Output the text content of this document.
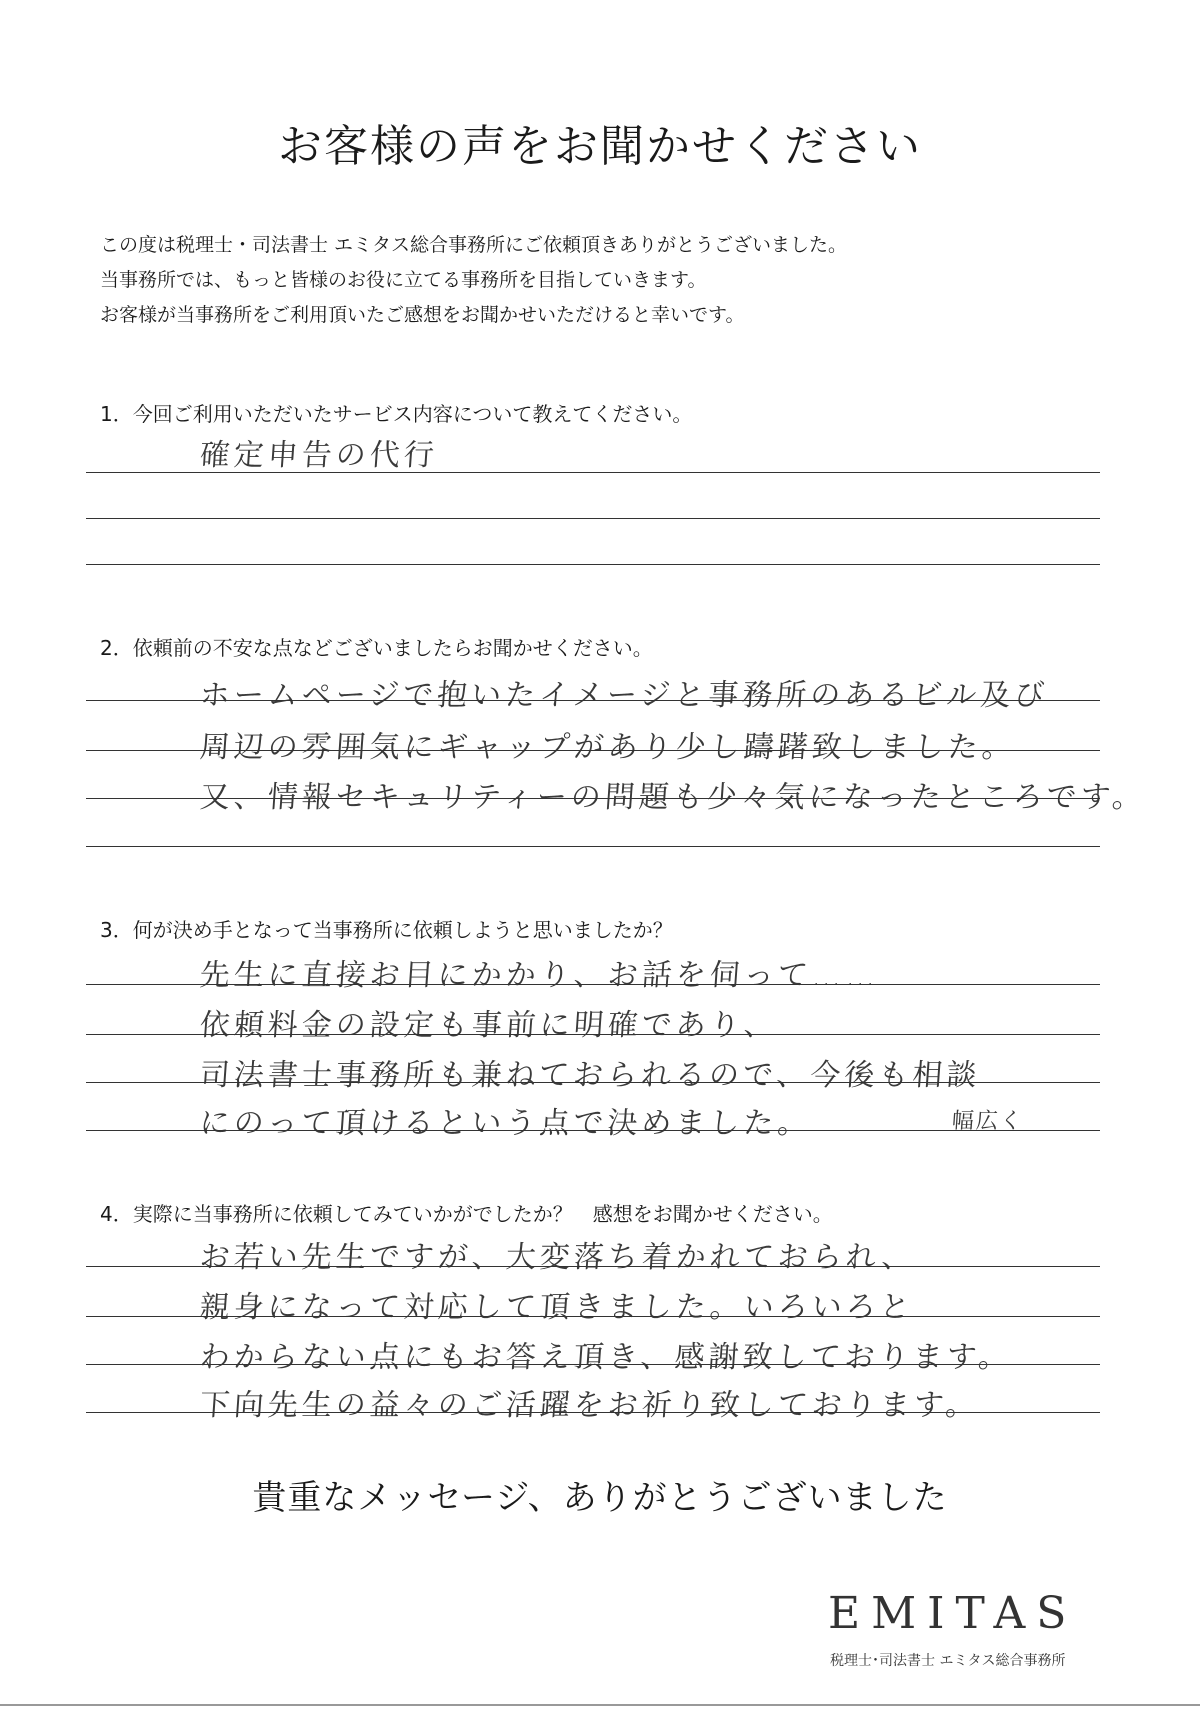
お客様の声をお聞かせください
この度は税理士・司法書士 エミタス総合事務所にご依頼頂きありがとうございました。
当事務所では、もっと皆様のお役に立てる事務所を目指していきます。
お客様が当事務所をご利用頂いたご感想をお聞かせいただけると幸いです。
1．今回ご利用いただいたサービス内容について教えてください。
確定申告の代行
2．依頼前の不安な点などございましたらお聞かせください。
ホームページで抱いたイメージと事務所のあるビル及び
周辺の雰囲気にギャップがあり少し躊躇致しました。
又、情報セキュリティーの問題も少々気になったところです。
3．何が決め手となって当事務所に依頼しようと思いましたか？
先生に直接お目にかかり、お話を伺って……
依頼料金の設定も事前に明確であり、
司法書士事務所も兼ねておられるので、今後も相談
にのって頂けるという点で決めました。	幅広く
4．実際に当事務所に依頼してみていかがでしたか？　感想をお聞かせください。
お若い先生ですが、大変落ち着かれておられ、
親身になって対応して頂きました。いろいろと
わからない点にもお答え頂き、感謝致しております。
下向先生の益々のご活躍をお祈り致しております。
貴重なメッセージ、ありがとうございました
EMITAS
税理士･司法書士 エミタス総合事務所
